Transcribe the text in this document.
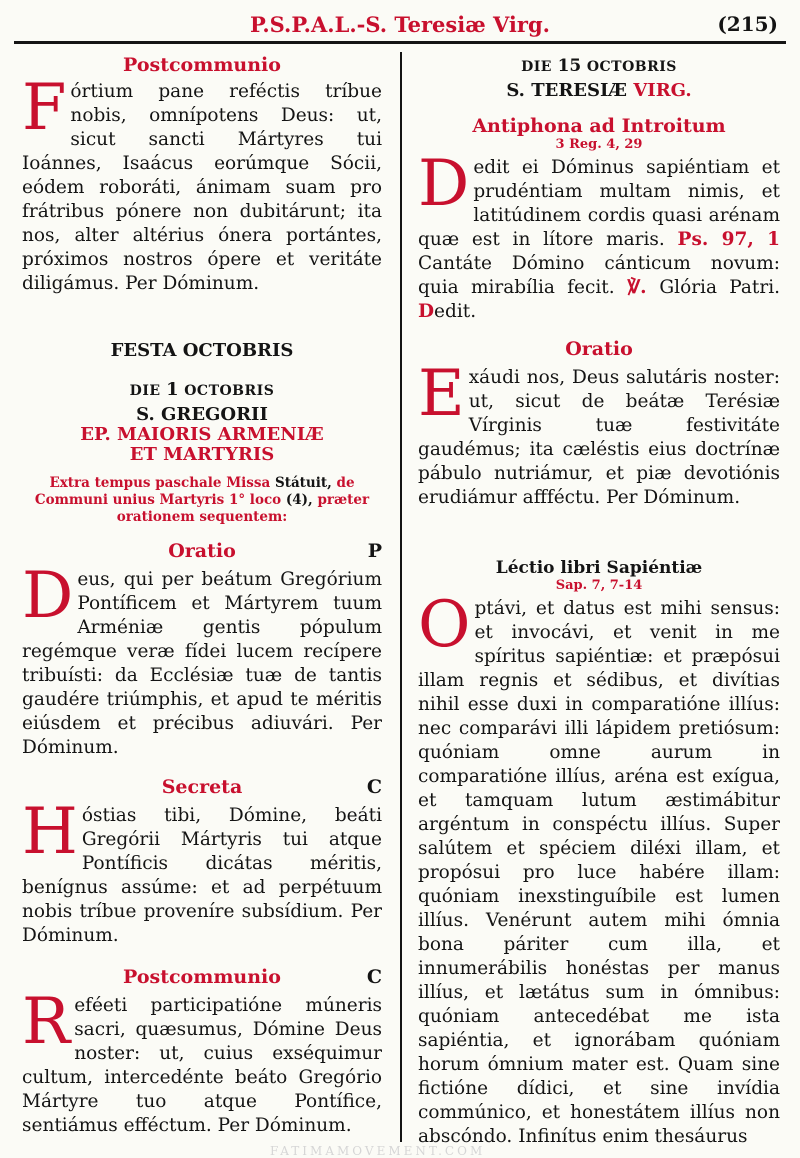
P.S.P.A.L.-S. Teresiæ Virg.	(215)
Postcommunio

Fórtium pane reféctis tríbue nobis, omnípotens Deus: ut, sicut sancti Mártyres tui Ioánnes, Isaácus eorúmque Sócii, eódem roboráti, ánimam suam pro frátribus pónere non dubitárunt; ita nos, alter altérius ónera portántes, próximos nostros ópere et veritáte diligámus. Per Dóminum.

FESTA OCTOBRIS
DIE 1 OCTOBRIS
S. GREGORII
EP. MAIORIS ARMENIÆ
ET MARTYRIS
Extra tempus paschale Missa Státuit, de Communi unius Martyris 1° loco (4), præter orationem sequentem:
Oratio	P

Deus, qui per beátum Gregórium Pontíficem et Mártyrem tuum Arméniæ gentis pópulum regémque veræ fídei lucem recípere tribuísti: da Ecclésiæ tuæ de tantis gaudére triúmphis, et apud te méritis eiúsdem et précibus adiuvári. Per Dóminum.

Secreta	C

Hóstias tibi, Dómine, beáti Gregórii Mártyris tui atque Pontíficis dicátas méritis, benígnus assúme: et ad perpétuum nobis tríbue proveníre subsídium. Per Dóminum.

Postcommunio	C

Reféeti participatióne múneris sacri, quæsumus, Dómine Deus noster: ut, cuius exséquimur cultum, intercedénte beáto Gregório Mártyre tuo atque Pontífice, sentiámus efféctum. Per Dóminum.

DIE 15 OCTOBRIS
S. TERESIÆ VIRG.
Antiphona ad Introitum
3 Reg. 4, 29

Dedit ei Dóminus sapiéntiam et prudéntiam multam nimis, et latitúdinem cordis quasi arénam quæ est in lítore maris. Ps. 97, 1 Cantáte Dómino cánticum novum: quia mirabília fecit. ℣. Glória Patri. Dedit.

Oratio

Exáudi nos, Deus salutáris noster: ut, sicut de beátæ Terésiæ Vírginis tuæ festivitáte gaudémus; ita cæléstis eius doctrínæ pábulo nutriámur, et piæ devotiónis erudiámur affféctu. Per Dóminum.

Léctio libri Sapiéntiæ
Sap. 7, 7-14

Optávi, et datus est mihi sensus: et invocávi, et venit in me spíritus sapiéntiæ: et præpósui illam regnis et sédibus, et divítias nihil esse duxi in comparatióne illíus: nec comparávi illi lápidem pretiósum: quóniam omne aurum in comparatióne illíus, aréna est exígua, et tamquam lutum æstimábitur argéntum in conspéctu illíus. Super salútem et spéciem diléxi illam, et propósui pro luce habére illam: quóniam inexstinguíbile est lumen illíus. Venérunt autem mihi ómnia bona páriter cum illa, et innumerábilis honéstas per manus illíus, et lætátus sum in ómnibus: quóniam antecedébat me ista sapiéntia, et ignorábam quóniam horum ómnium mater est. Quam sine fictióne dídici, et sine invídia commúnico, et honestátem illíus non abscóndo. Infinítus enim thesáurus

FATIMAMOVEMENT.COM
